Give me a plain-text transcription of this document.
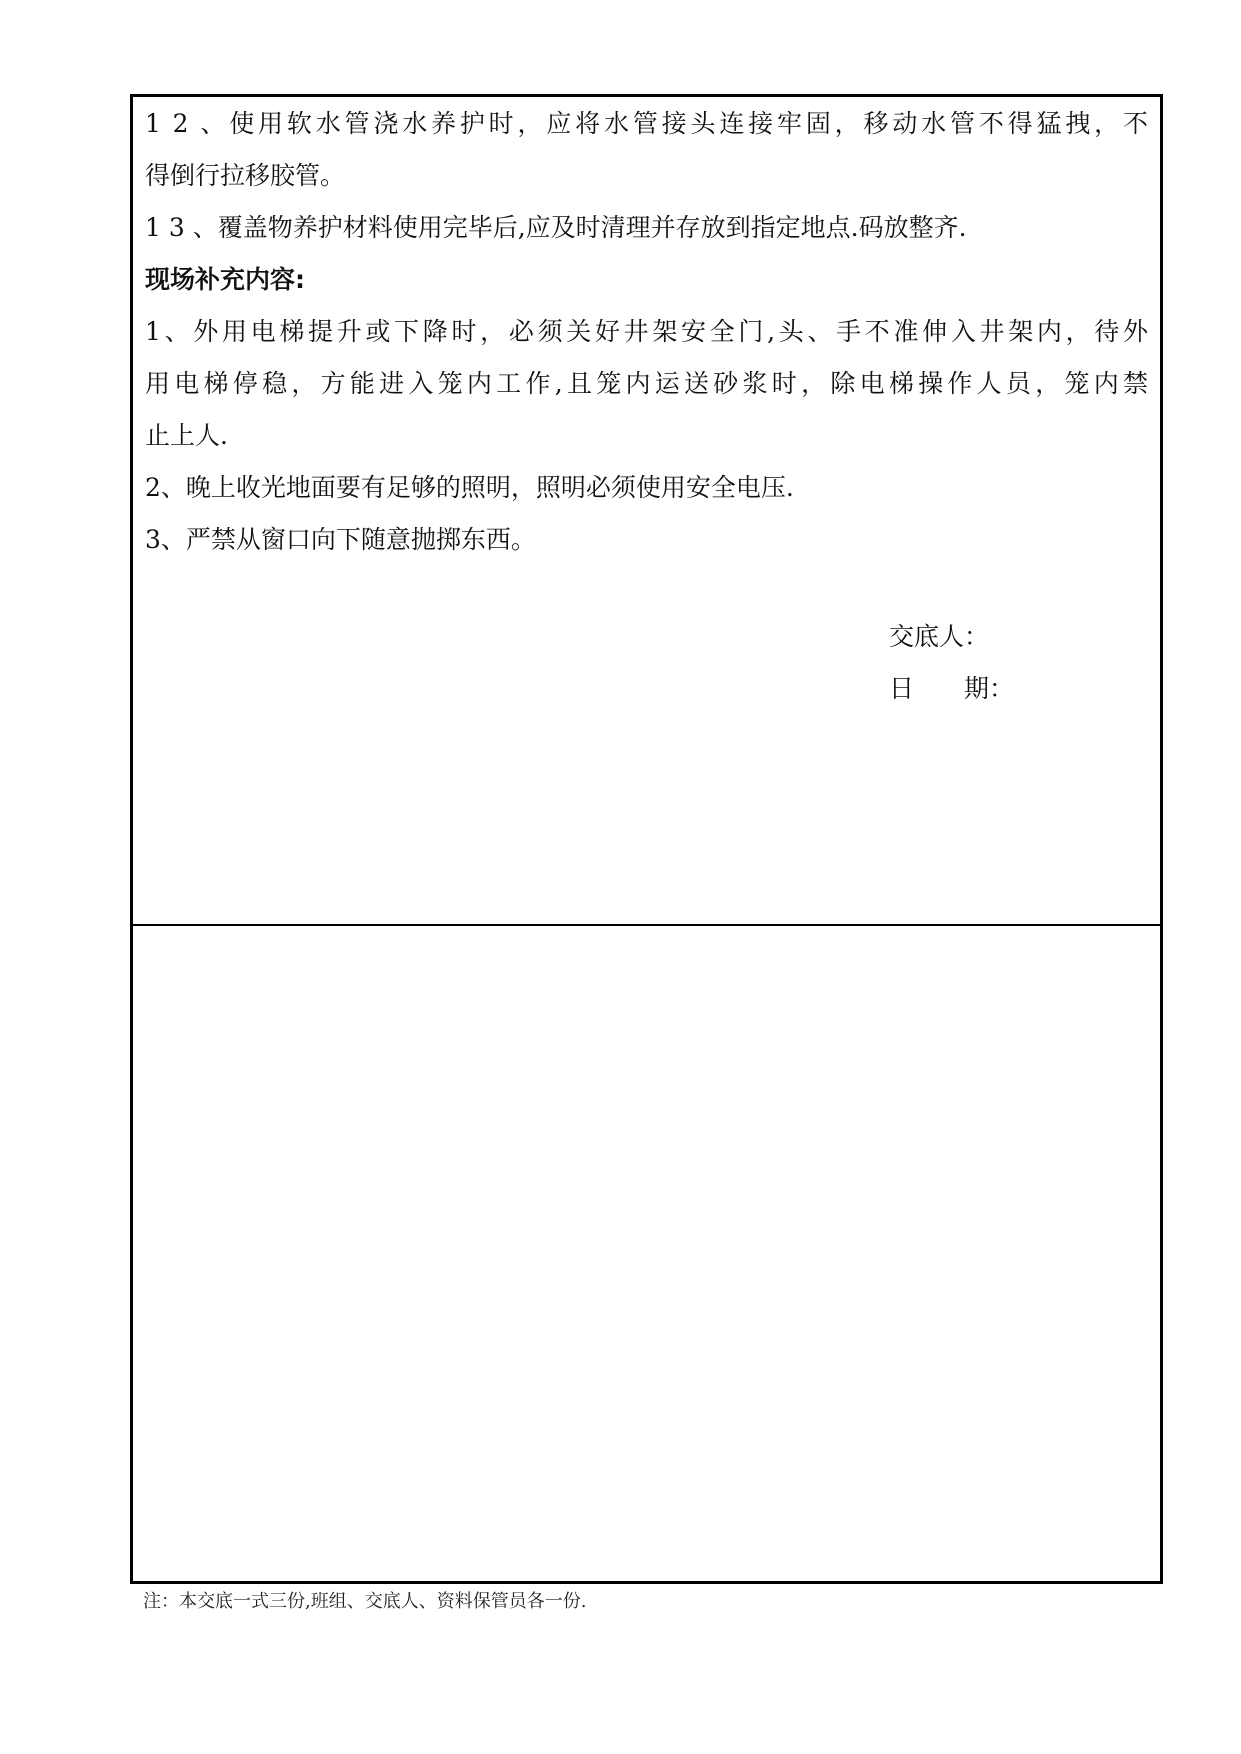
1 2 、使用软水管浇水养护时，应将水管接头连接牢固，移动水管不得猛拽，不
得倒行拉移胶管。
1 3 、覆盖物养护材料使用完毕后,应及时清理并存放到指定地点.码放整齐.
现场补充内容:
1、外用电梯提升或下降时，必须关好井架安全门,头、手不准伸入井架内，待外
用电梯停稳，方能进入笼内工作,且笼内运送砂浆时，除电梯操作人员，笼内禁
止上人.
2、晚上收光地面要有足够的照明，照明必须使用安全电压.
3、严禁从窗口向下随意抛掷东西。
交底人：
日　　期：
注：本交底一式三份,班组、交底人、资料保管员各一份.
